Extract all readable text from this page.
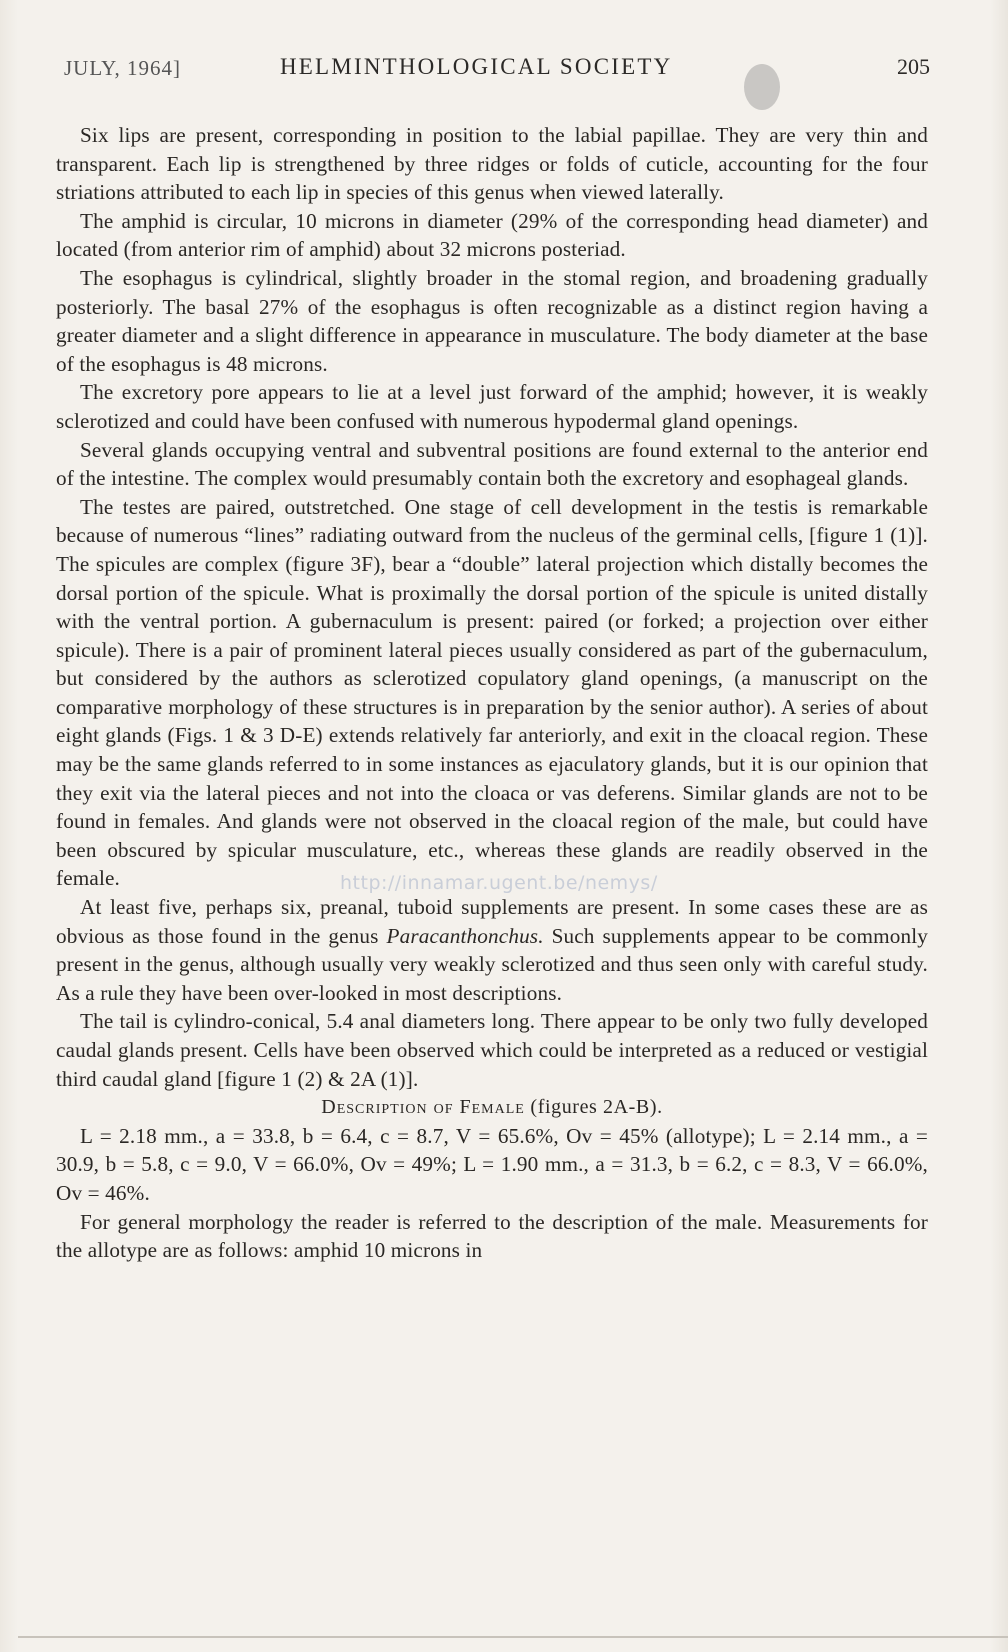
JULY, 1964]	HELMINTHOLOGICAL SOCIETY	205

Six lips are present, corresponding in position to the labial papillae. They are very thin and transparent. Each lip is strengthened by three ridges or folds of cuticle, accounting for the four striations attributed to each lip in species of this genus when viewed laterally.

The amphid is circular, 10 microns in diameter (29% of the corresponding head diameter) and located (from anterior rim of amphid) about 32 microns posteriad.

The esophagus is cylindrical, slightly broader in the stomal region, and broadening gradually posteriorly. The basal 27% of the esophagus is often recognizable as a distinct region having a greater diameter and a slight difference in appearance in musculature. The body diameter at the base of the esophagus is 48 microns.

The excretory pore appears to lie at a level just forward of the amphid; however, it is weakly sclerotized and could have been confused with numerous hypodermal gland openings.

Several glands occupying ventral and subventral positions are found external to the anterior end of the intestine. The complex would presumably contain both the excretory and esophageal glands.

The testes are paired, outstretched. One stage of cell development in the testis is remarkable because of numerous “lines” radiating outward from the nucleus of the germinal cells, [figure 1 (1)]. The spicules are complex (figure 3F), bear a “double” lateral projection which distally becomes the dorsal portion of the spicule. What is proximally the dorsal portion of the spicule is united distally with the ventral portion. A gubernaculum is present: paired (or forked; a projection over either spicule). There is a pair of prominent lateral pieces usually considered as part of the gubernaculum, but considered by the authors as sclerotized copulatory gland openings, (a manuscript on the comparative morphology of these structures is in preparation by the senior author). A series of about eight glands (Figs. 1 & 3 D-E) extends relatively far anteriorly, and exit in the cloacal region. These may be the same glands referred to in some instances as ejaculatory glands, but it is our opinion that they exit via the lateral pieces and not into the cloaca or vas deferens. Similar glands are not to be found in females. And glands were not observed in the cloacal region of the male, but could have been obscured by spicular musculature, etc., whereas these glands are readily observed in the female.

At least five, perhaps six, preanal, tuboid supplements are present. In some cases these are as obvious as those found in the genus Paracanthonchus. Such supplements appear to be commonly present in the genus, although usually very weakly sclerotized and thus seen only with careful study. As a rule they have been over-looked in most descriptions.

The tail is cylindro-conical, 5.4 anal diameters long. There appear to be only two fully developed caudal glands present. Cells have been observed which could be interpreted as a reduced or vestigial third caudal gland [figure 1 (2) & 2A (1)].

Description of Female (figures 2A-B).

L = 2.18 mm., a = 33.8, b = 6.4, c = 8.7, V = 65.6%, Ov = 45% (allotype); L = 2.14 mm., a = 30.9, b = 5.8, c = 9.0, V = 66.0%, Ov = 49%; L = 1.90 mm., a = 31.3, b = 6.2, c = 8.3, V = 66.0%, Ov = 46%.

For general morphology the reader is referred to the description of the male. Measurements for the allotype are as follows: amphid 10 microns in

http://innamar.ugent.be/nemys/
